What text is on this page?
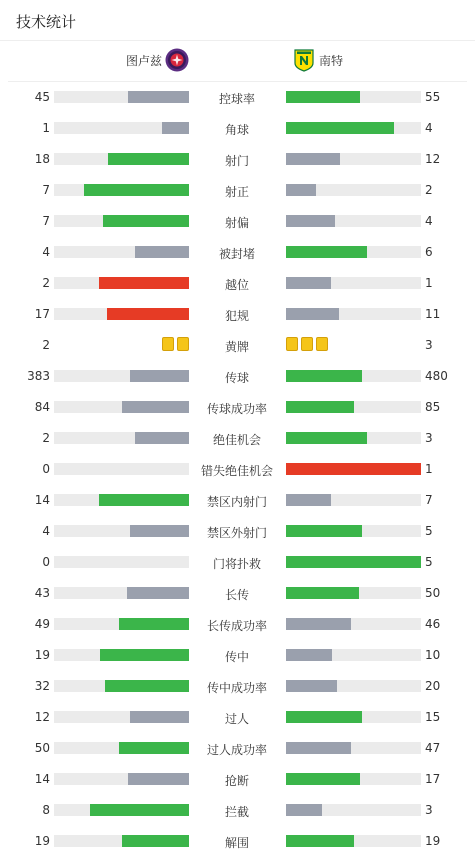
技术统计
图卢兹	南特
45	控球率	55
1	角球	4
18	射门	12
7	射正	2
7	射偏	4
4	被封堵	6
2	越位	1
17	犯规	11
2	黄牌	3
383	传球	480
84	传球成功率	85
2	绝佳机会	3
0	错失绝佳机会	1
14	禁区内射门	7
4	禁区外射门	5
0	门将扑救	5
43	长传	50
49	长传成功率	46
19	传中	10
32	传中成功率	20
12	过人	15
50	过人成功率	47
14	抢断	17
8	拦截	3
19	解围	19
